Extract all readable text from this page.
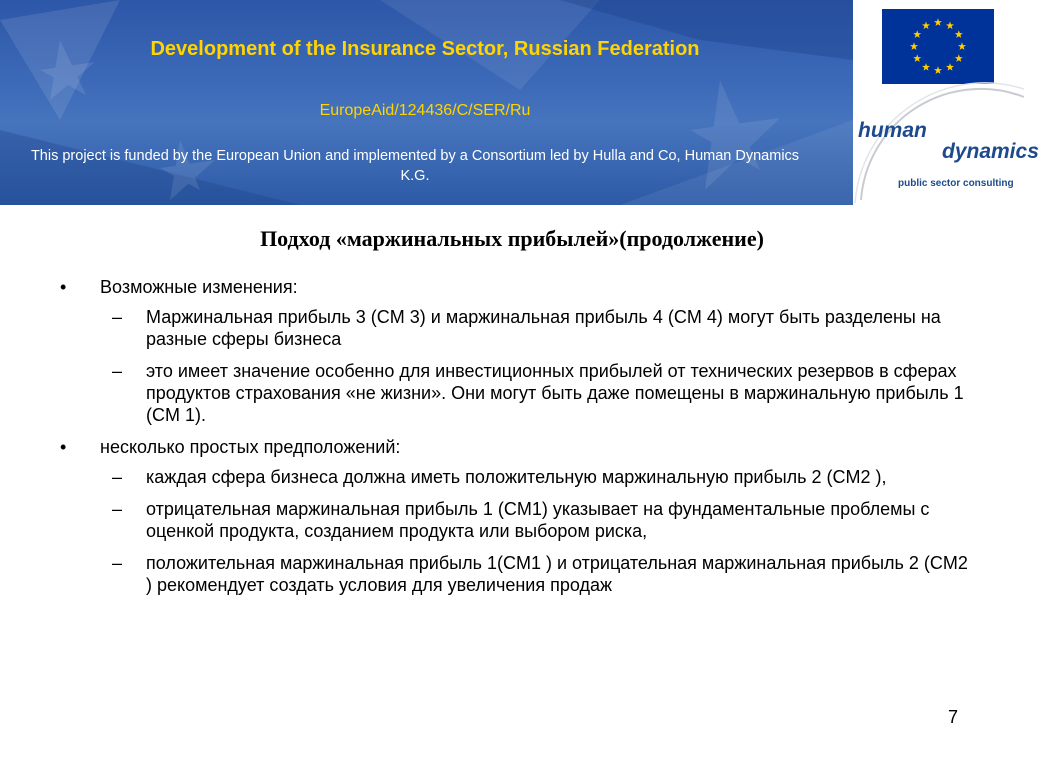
Development of the Insurance Sector, Russian Federation

EuropeAid/124436/C/SER/Ru

This project is funded by the European Union and implemented by a Consortium led by Hulla and Co, Human Dynamics K.G.

human
dynamics
public sector consulting
Подход «маржинальных прибылей»(продолжение)
• Возможные изменения:
– Маржинальная прибыль 3 (CM 3) и маржинальная прибыль 4 (CM 4) могут быть разделены на разные сферы бизнеса
– это имеет значение особенно для инвестиционных прибылей от технических резервов в сферах продуктов страхования «не жизни». Они могут быть даже помещены в маржинальную прибыль 1 (CM 1).
• несколько простых предположений:
– каждая сфера бизнеса должна иметь положительную маржинальную прибыль 2 (CM2 ),
– отрицательная маржинальная прибыль 1 (CM1) указывает на фундаментальные проблемы с оценкой продукта, созданием продукта или выбором риска,
– положительная маржинальная прибыль 1(CM1 ) и отрицательная маржинальная прибыль 2 (CM2 ) рекомендует создать условия для увеличения продаж
7
